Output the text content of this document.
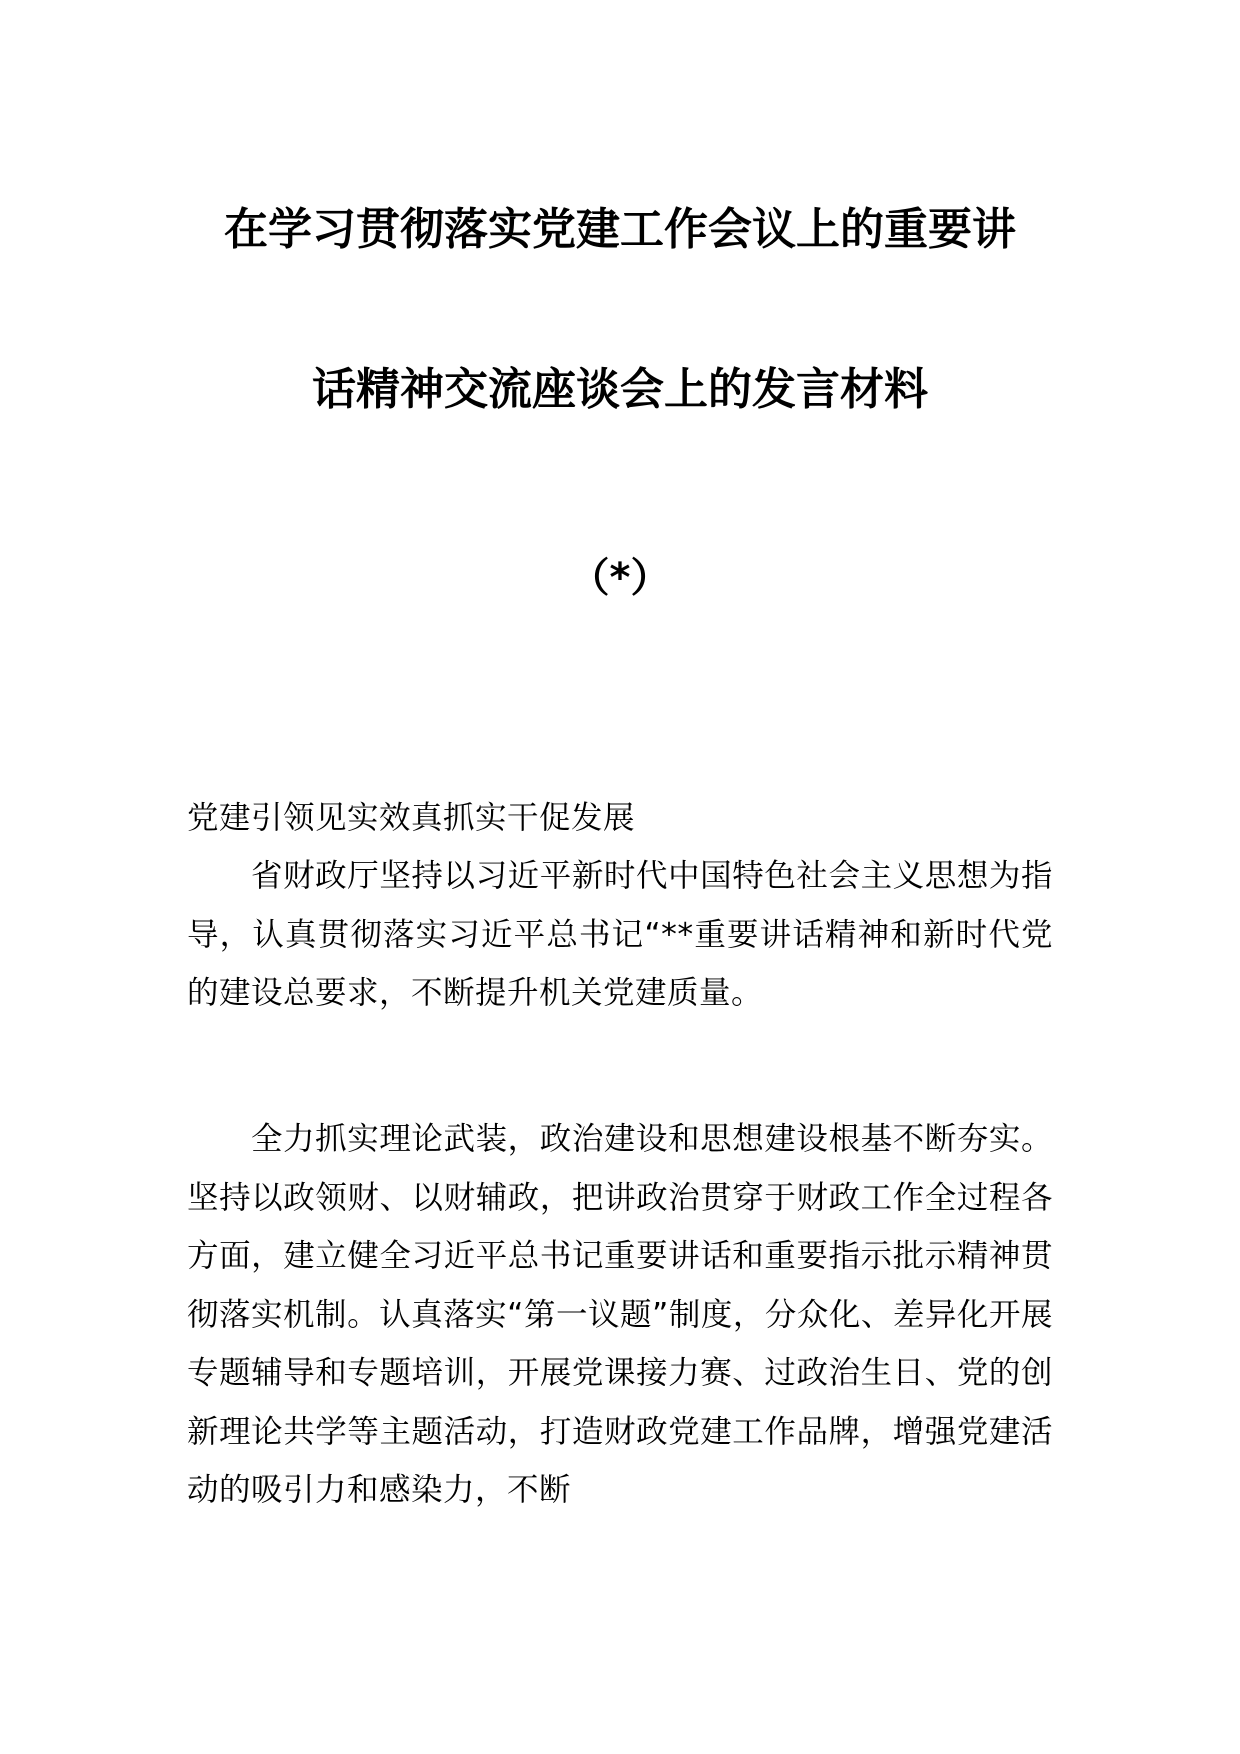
在学习贯彻落实党建工作会议上的重要讲
话精神交流座谈会上的发言材料
（*）
党建引领见实效真抓实干促发展

省财政厅坚持以习近平新时代中国特色社会主义思想为指导，认真贯彻落实习近平总书记“**重要讲话精神和新时代党的建设总要求，不断提升机关党建质量。

全力抓实理论武装，政治建设和思想建设根基不断夯实。坚持以政领财、以财辅政，把讲政治贯穿于财政工作全过程各方面，建立健全习近平总书记重要讲话和重要指示批示精神贯彻落实机制。认真落实“第一议题”制度，分众化、差异化开展专题辅导和专题培训，开展党课接力赛、过政治生日、党的创新理论共学等主题活动，打造财政党建工作品牌，增强党建活动的吸引力和感染力，不断
